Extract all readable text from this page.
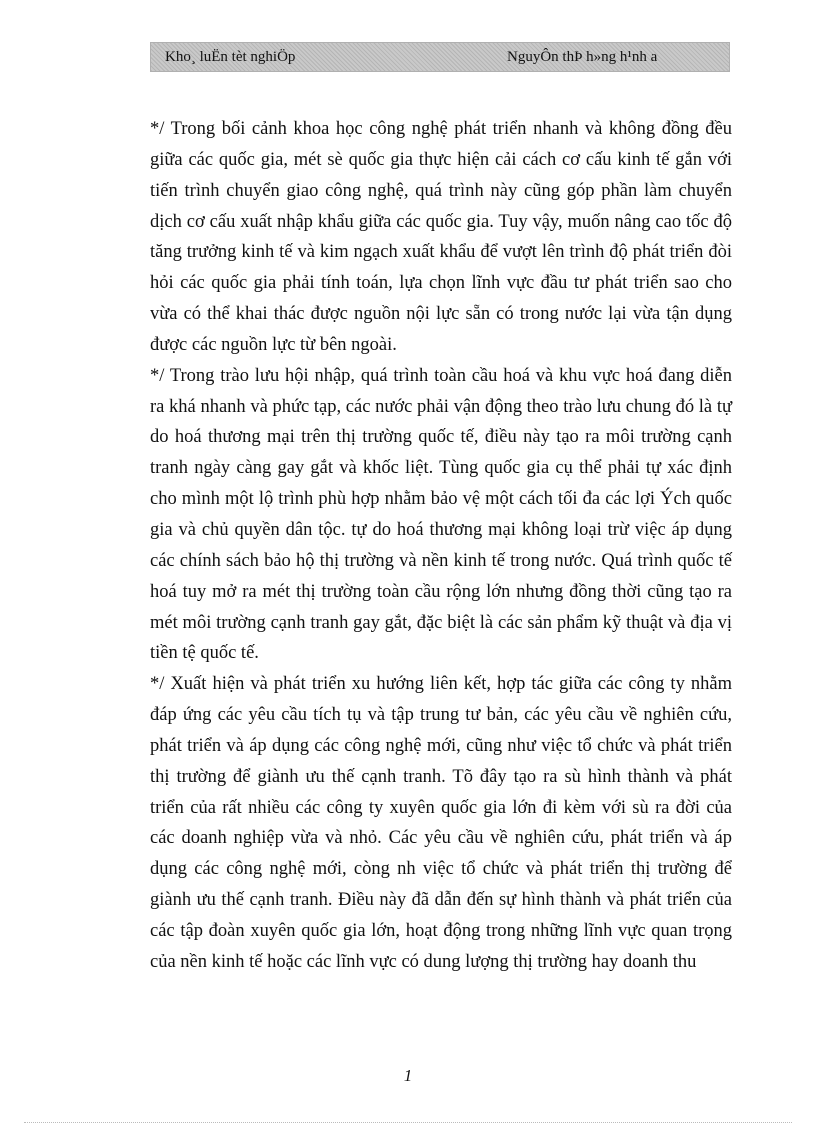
Kho¸ luËn tèt nghiÖp	NguyÔn thÞ h»ng h¹nh a

*/ Trong bối cảnh khoa học công nghệ phát triển nhanh và không đồng đều giữa các quốc gia, mét sè quốc gia thực hiện cải cách cơ cấu kinh tế gắn với tiến trình chuyển giao công nghệ, quá trình này cũng góp phần làm chuyển dịch cơ cấu xuất nhập khẩu giữa các quốc gia. Tuy vậy, muốn nâng cao tốc độ tăng trưởng kinh tế và kim ngạch xuất khẩu để vượt lên trình độ phát triển đòi hỏi các quốc gia phải tính toán, lựa chọn lĩnh vực đầu tư phát triển sao cho vừa có thể khai thác được nguồn nội lực sẵn có trong nước lại vừa tận dụng được các nguồn lực từ bên ngoài.

*/ Trong trào lưu hội nhập, quá trình toàn cầu hoá và khu vực hoá đang diễn ra khá nhanh và phức tạp, các nước phải vận động theo trào lưu chung đó là tự do hoá thương mại trên thị trường quốc tế, điều này tạo ra môi trường cạnh tranh ngày càng gay gắt và khốc liệt. Tùng quốc gia cụ thể phải tự xác định cho mình một lộ trình phù hợp nhằm bảo vệ một cách tối đa các lợi Ých quốc gia và chủ quyền dân tộc. tự do hoá thương mại không loại trừ việc áp dụng các chính sách bảo hộ thị trường và nền kinh tế trong nước. Quá trình quốc tế hoá tuy mở ra mét thị trường toàn cầu rộng lớn nhưng đồng thời cũng tạo ra mét môi trường cạnh tranh gay gắt, đặc biệt là các sản phẩm kỹ thuật và địa vị tiền tệ quốc tế.

*/ Xuất hiện và phát triển xu hướng liên kết, hợp tác giữa các công ty nhằm đáp ứng các yêu cầu tích tụ và tập trung tư bản, các yêu cầu về nghiên cứu, phát triển và áp dụng các công nghệ mới, cũng như việc tổ chức và phát triển thị trường để giành ưu thế cạnh tranh. Tõ đây tạo ra sù hình thành và phát triển của rất nhiều các công ty xuyên quốc gia lớn đi kèm với sù ra đời của các doanh nghiệp vừa và nhỏ. Các yêu cầu về nghiên cứu, phát triển và áp dụng các công nghệ mới, còng nh việc tổ chức và phát triển thị trường để giành ưu thế cạnh tranh. Điều này đã dẫn đến sự hình thành và phát triển của các tập đoàn xuyên quốc gia lớn, hoạt động trong những lĩnh vực quan trọng của nền kinh tế hoặc các lĩnh vực có dung lượng thị trường hay doanh thu

1
